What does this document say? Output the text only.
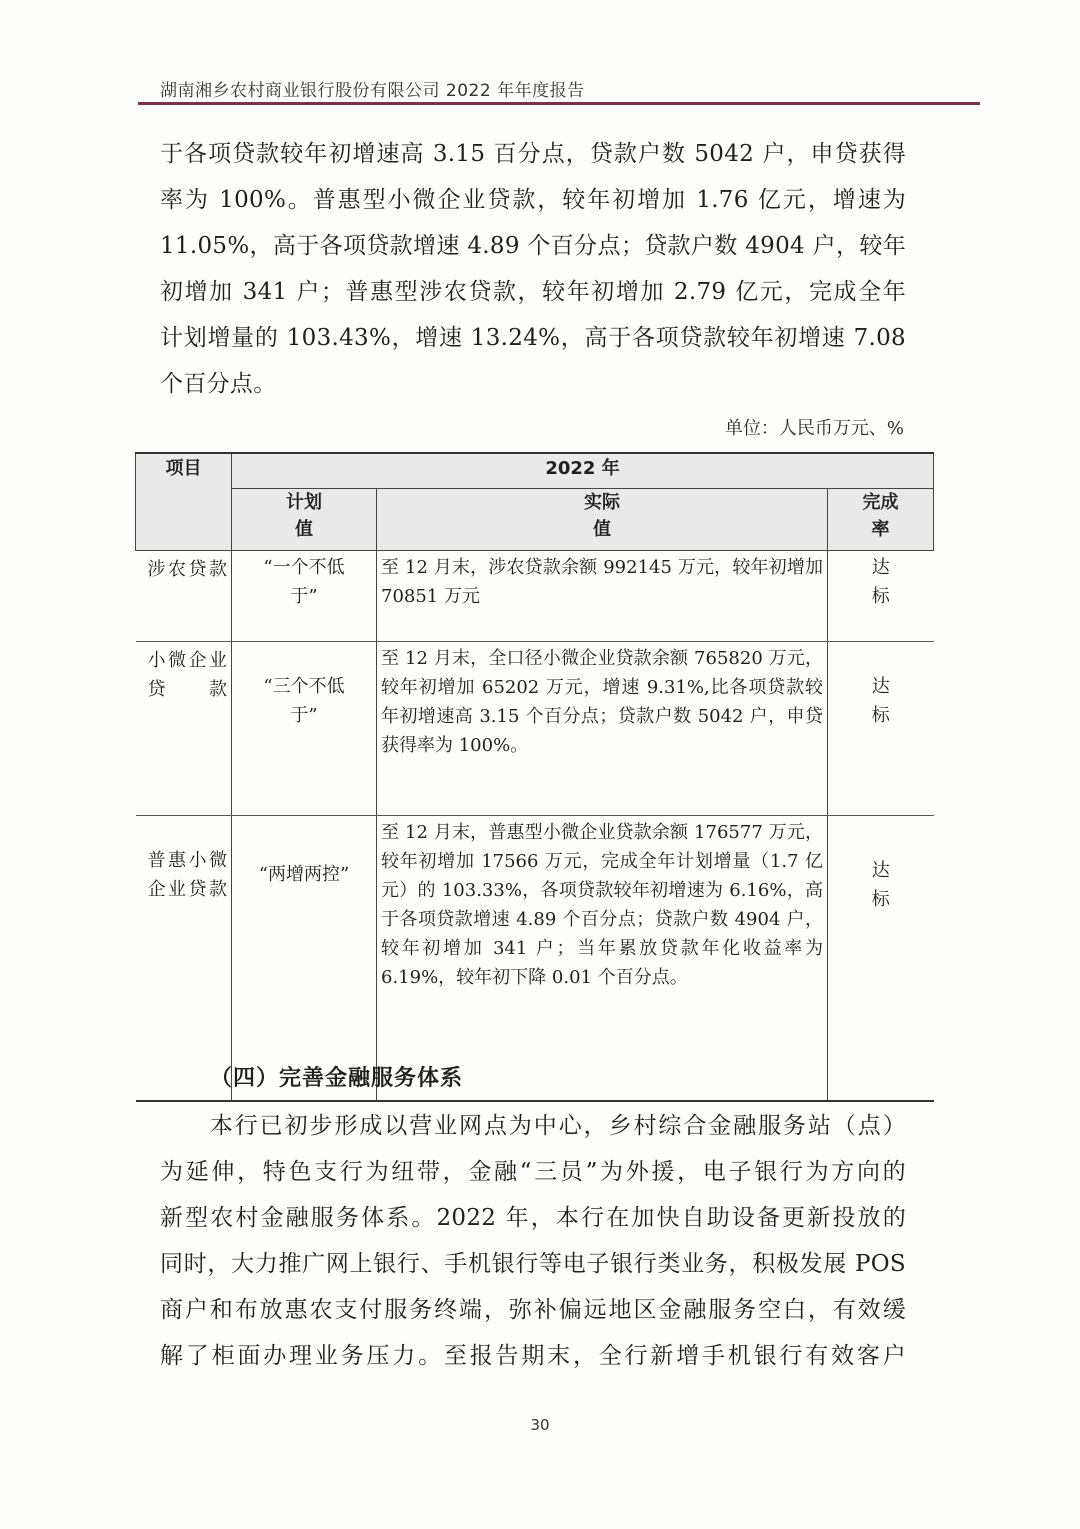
湖南湘乡农村商业银行股份有限公司 2022 年年度报告
于各项贷款较年初增速高 3.15 百分点，贷款户数 5042 户，申贷获得
率为 100%。普惠型小微企业贷款，较年初增加 1.76 亿元，增速为
11.05%，高于各项贷款增速 4.89 个百分点；贷款户数 4904 户，较年
初增加 341 户；普惠型涉农贷款，较年初增加 2.79 亿元，完成全年
计划增量的 103.43%，增速 13.24%，高于各项贷款较年初增速 7.08
个百分点。
单位：人民币万元、%
项目	2022 年		
	计划值	实际值	完成率
涉农贷款	“一个不低于”	至 12 月末，涉农贷款余额 992145 万元，较年初增加 70851 万元	达标
小微企业贷款	“三个不低于”	至 12 月末，全口径小微企业贷款余额 765820 万元，较年初增加 65202 万元，增速 9.31%,比各项贷款较年初增速高 3.15 个百分点；贷款户数 5042 户，申贷获得率为 100%。	达标
普惠小微企业贷款	“两增两控”	至 12 月末，普惠型小微企业贷款余额 176577 万元，较年初增加 17566 万元，完成全年计划增量（1.7 亿元）的 103.33%，各项贷款较年初增速为 6.16%，高于各项贷款增速 4.89 个百分点；贷款户数 4904 户，较年初增加 341 户；当年累放贷款年化收益率为 6.19%，较年初下降 0.01 个百分点。	达标
（四）完善金融服务体系
　　本行已初步形成以营业网点为中心，乡村综合金融服务站（点）
为延伸，特色支行为纽带，金融“三员”为外援，电子银行为方向的
新型农村金融服务体系。2022 年，本行在加快自助设备更新投放的
同时，大力推广网上银行、手机银行等电子银行类业务，积极发展 POS
商户和布放惠农支付服务终端，弥补偏远地区金融服务空白，有效缓
解了柜面办理业务压力。至报告期末，全行新增手机银行有效客户
30
